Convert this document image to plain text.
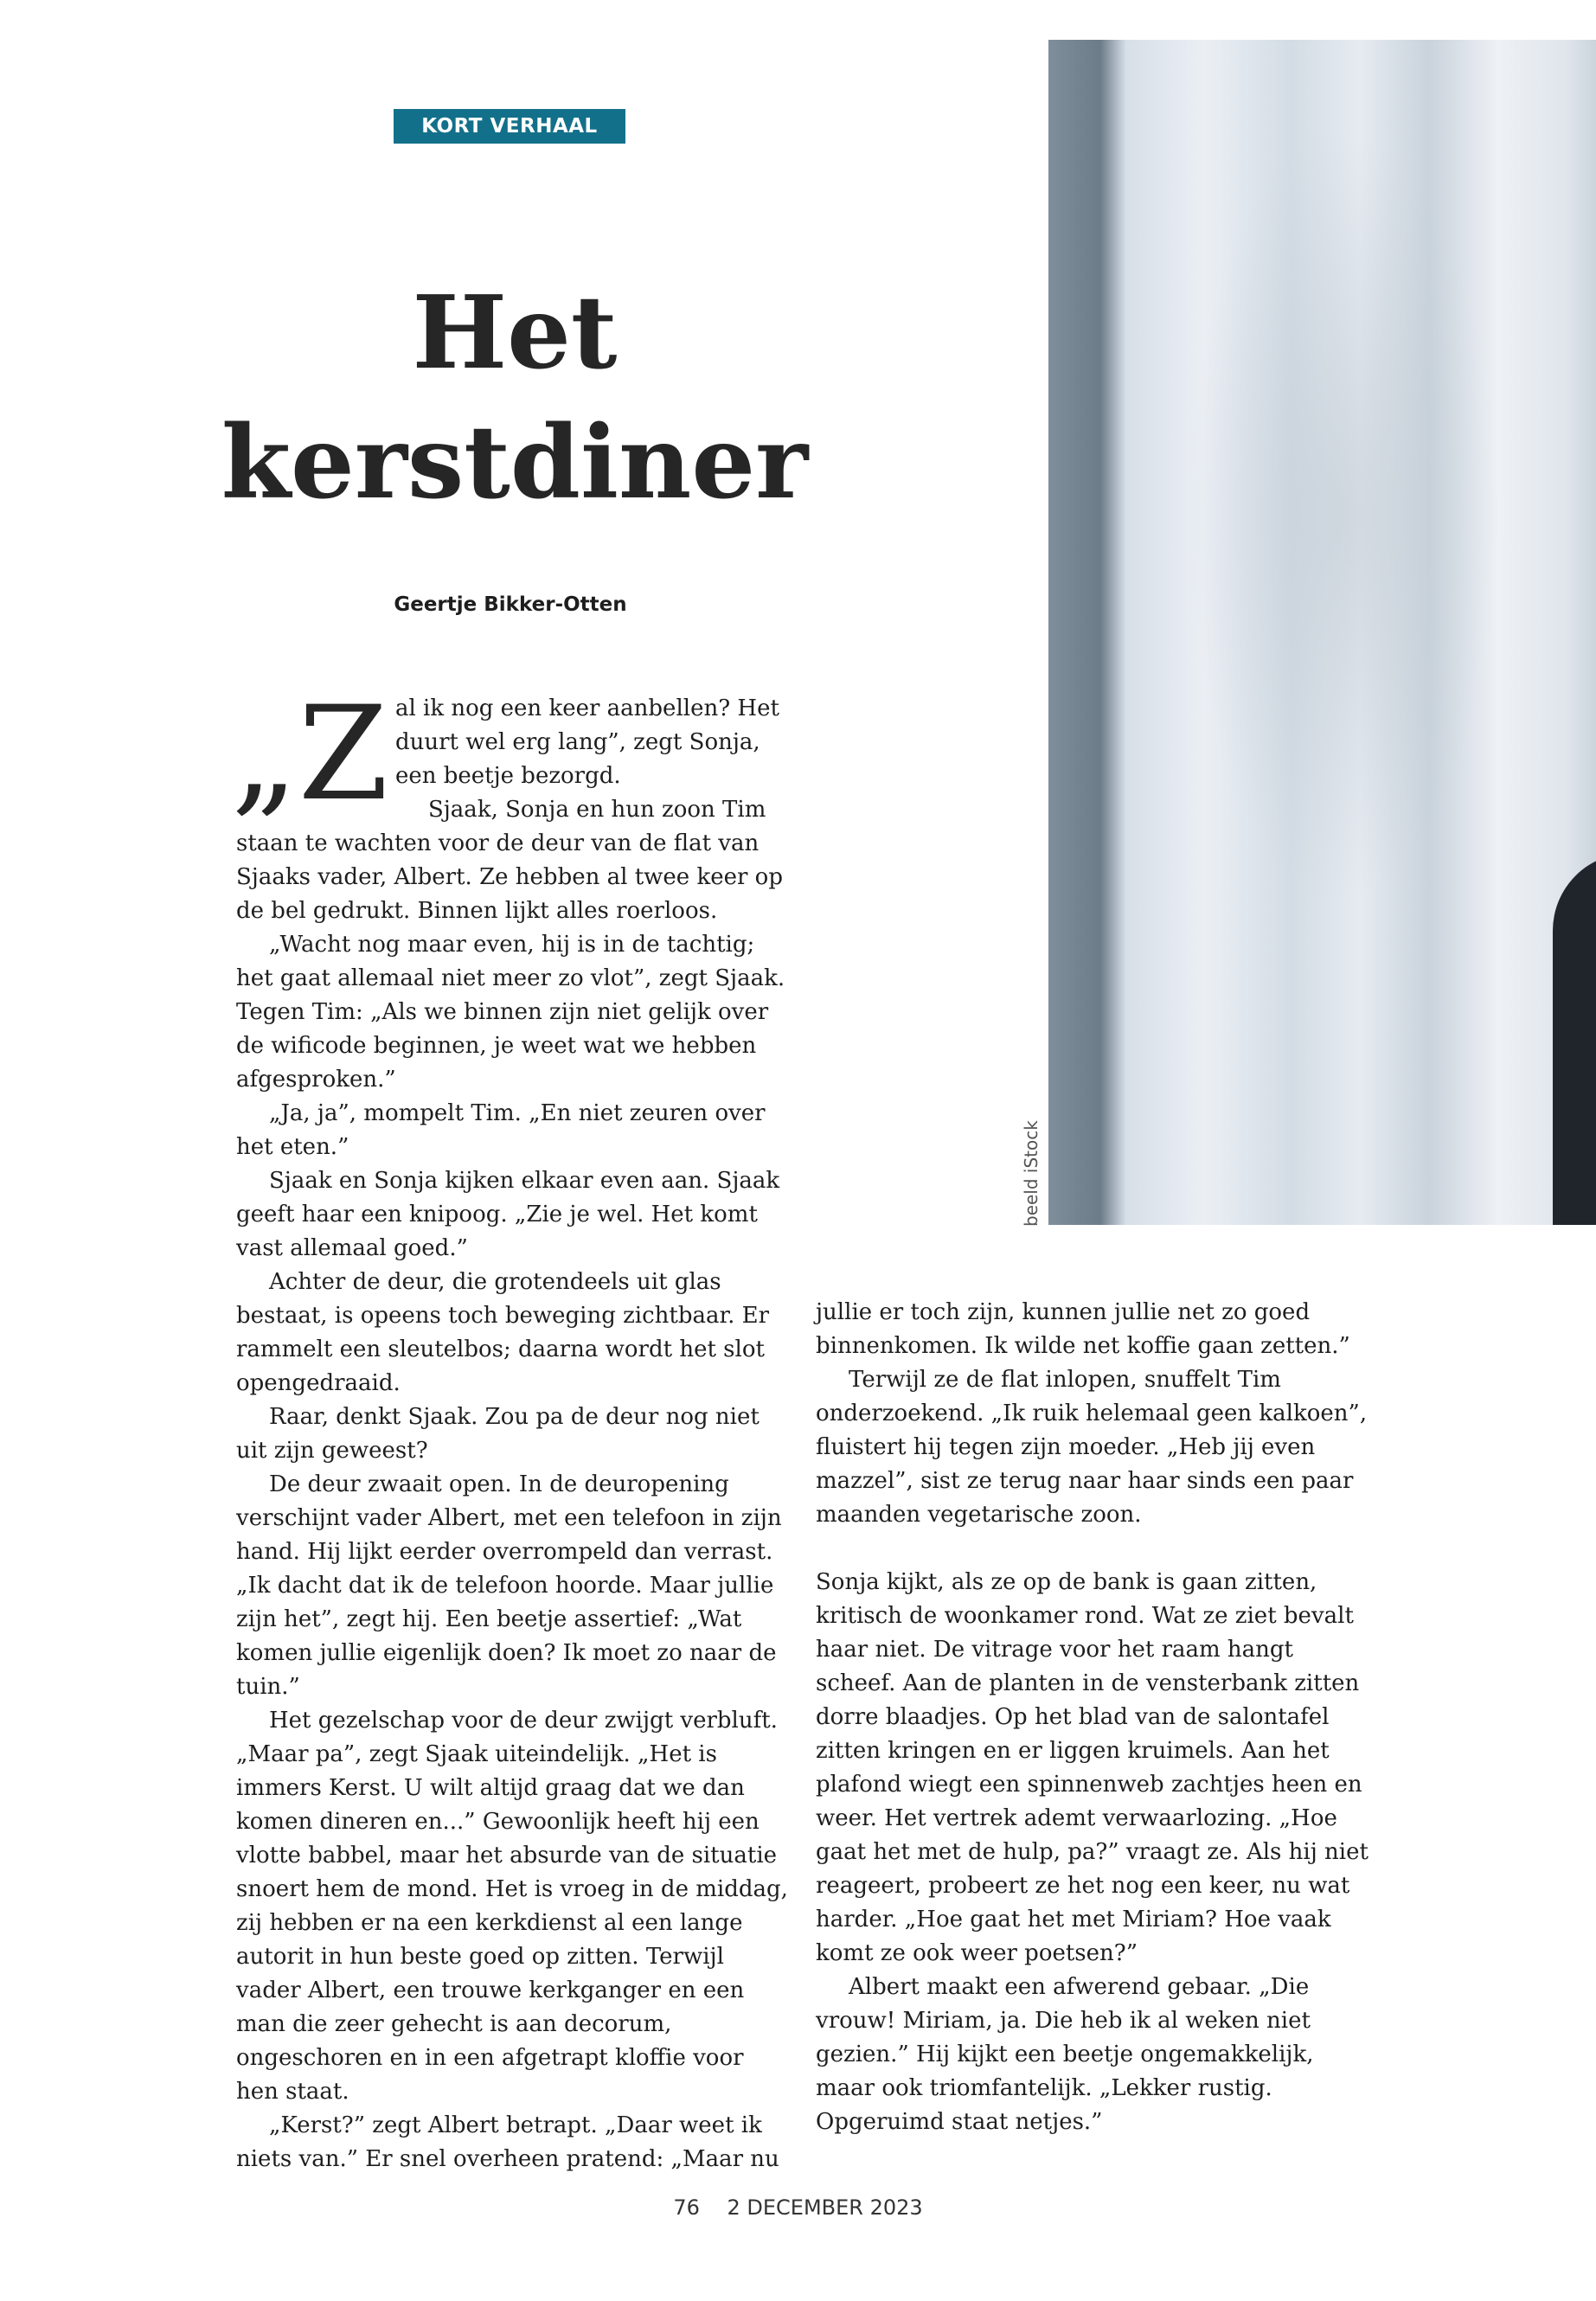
KORT VERHAAL
Het
kerstdiner
Geertje Bikker-Otten
beeld iStock
„Z al ik nog een keer aanbellen? Het duurt wel erg lang”, zegt Sonja, een beetje bezorgd.

Sjaak, Sonja en hun zoon Tim staan te wachten voor de deur van de flat van Sjaaks vader, Albert. Ze hebben al twee keer op de bel gedrukt. Binnen lijkt alles roerloos.

„Wacht nog maar even, hij is in de tachtig; het gaat allemaal niet meer zo vlot”, zegt Sjaak. Tegen Tim: „Als we binnen zijn niet gelijk over de wificode beginnen, je weet wat we hebben afgesproken.”

„Ja, ja”, mompelt Tim. „En niet zeuren over het eten.”

Sjaak en Sonja kijken elkaar even aan. Sjaak geeft haar een knipoog. „Zie je wel. Het komt vast allemaal goed.”

Achter de deur, die grotendeels uit glas bestaat, is opeens toch beweging zichtbaar. Er rammelt een sleutelbos; daarna wordt het slot opengedraaid.

Raar, denkt Sjaak. Zou pa de deur nog niet uit zijn geweest?

De deur zwaait open. In de deuropening verschijnt vader Albert, met een telefoon in zijn hand. Hij lijkt eerder overrompeld dan verrast. „Ik dacht dat ik de telefoon hoorde. Maar jullie zijn het”, zegt hij. Een beetje assertief: „Wat komen jullie eigenlijk doen? Ik moet zo naar de tuin.”

Het gezelschap voor de deur zwijgt verbluft. „Maar pa”, zegt Sjaak uiteindelijk. „Het is immers Kerst. U wilt altijd graag dat we dan komen dineren en...” Gewoonlijk heeft hij een vlotte babbel, maar het absurde van de situatie snoert hem de mond. Het is vroeg in de middag, zij hebben er na een kerkdienst al een lange autorit in hun beste goed op zitten. Terwijl vader Albert, een trouwe kerkganger en een man die zeer gehecht is aan decorum, ongeschoren en in een afgetrapt kloffie voor hen staat.

„Kerst?” zegt Albert betrapt. „Daar weet ik niets van.” Er snel overheen pratend: „Maar nu

jullie er toch zijn, kunnen jullie net zo goed binnenkomen. Ik wilde net koffie gaan zetten.”

Terwijl ze de flat inlopen, snuffelt Tim onderzoekend. „Ik ruik helemaal geen kalkoen”, fluistert hij tegen zijn moeder. „Heb jij even mazzel”, sist ze terug naar haar sinds een paar maanden vegetarische zoon.

Sonja kijkt, als ze op de bank is gaan zitten, kritisch de woonkamer rond. Wat ze ziet bevalt haar niet. De vitrage voor het raam hangt scheef. Aan de planten in de vensterbank zitten dorre blaadjes. Op het blad van de salontafel zitten kringen en er liggen kruimels. Aan het plafond wiegt een spinnenweb zachtjes heen en weer. Het vertrek ademt verwaarlozing. „Hoe gaat het met de hulp, pa?” vraagt ze. Als hij niet reageert, probeert ze het nog een keer, nu wat harder. „Hoe gaat het met Miriam? Hoe vaak komt ze ook weer poetsen?”

Albert maakt een afwerend gebaar. „Die vrouw! Miriam, ja. Die heb ik al weken niet gezien.” Hij kijkt een beetje ongemakkelijk, maar ook triomfantelijk. „Lekker rustig. Opgeruimd staat netjes.”

76 2 DECEMBER 2023
